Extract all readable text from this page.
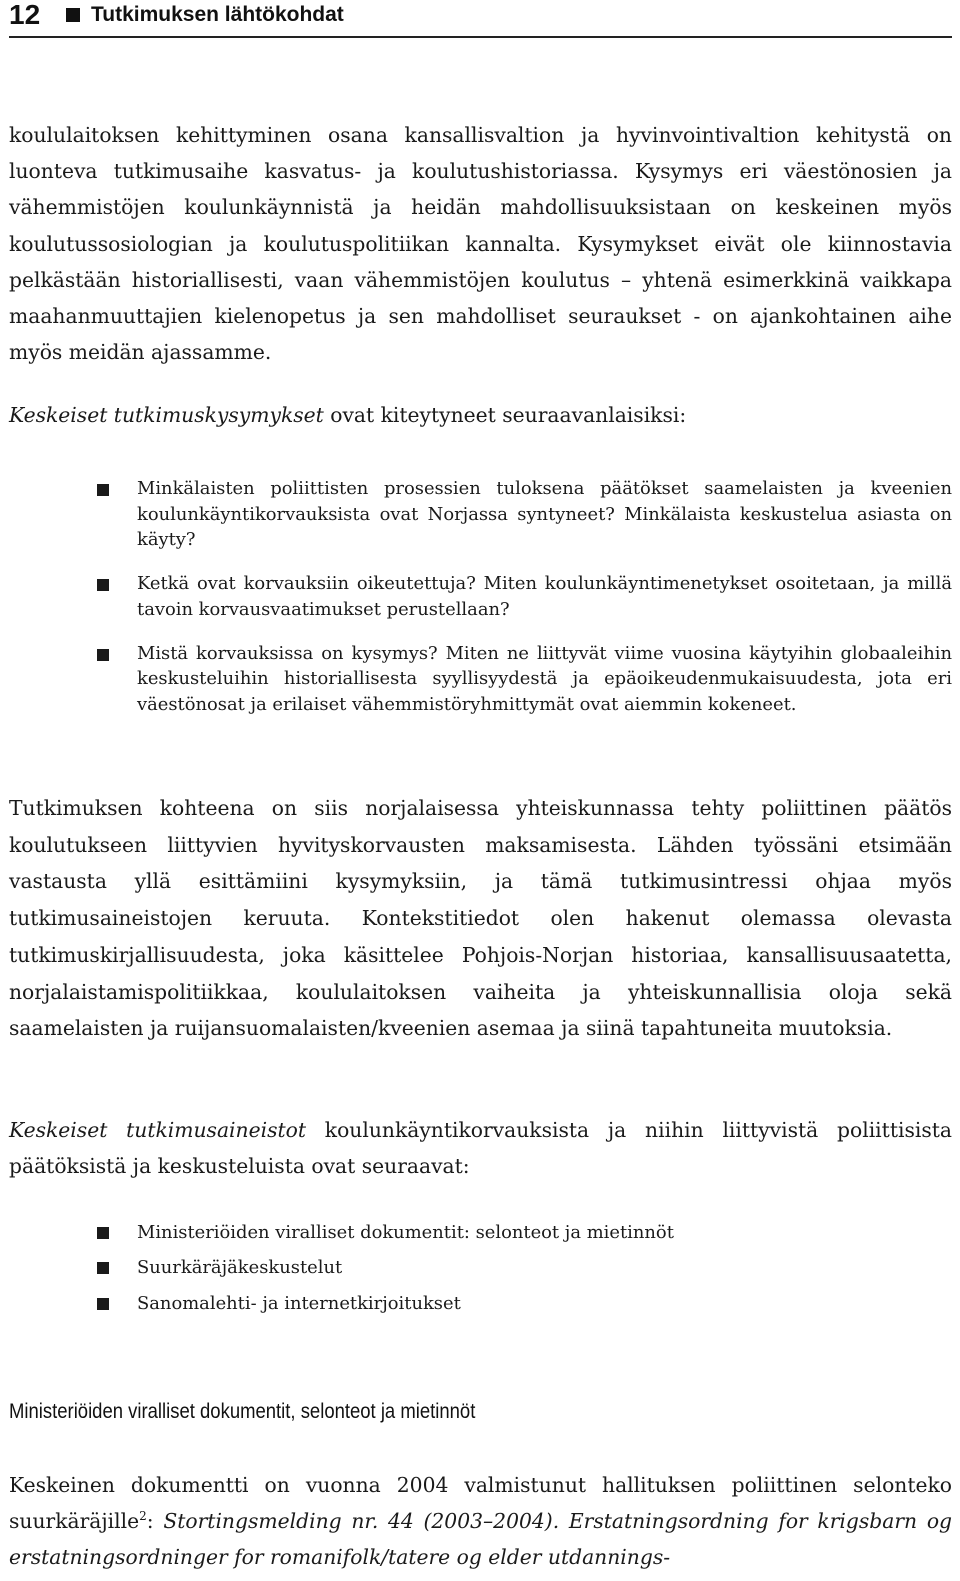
12 Tutkimuksen lähtökohdat

koululaitoksen kehittyminen osana kansallisvaltion ja hyvinvointivaltion kehitystä on luonteva tutkimusaihe kasvatus- ja koulutushistoriassa. Kysymys eri väestönosien ja vähemmistöjen koulunkäynnistä ja heidän mahdollisuuksistaan on keskeinen myös koulutussosiologian ja koulutuspolitiikan kannalta. Kysymykset eivät ole kiinnostavia pelkästään historiallisesti, vaan vähemmistöjen koulutus – yhtenä esimerkkinä vaikkapa maahanmuuttajien kielenopetus ja sen mahdolliset seuraukset - on ajankohtainen aihe myös meidän ajassamme.

Keskeiset tutkimuskysymykset ovat kiteytyneet seuraavanlaisiksi:

Minkälaisten poliittisten prosessien tuloksena päätökset saamelaisten ja kveenien koulunkäyntikorvauksista ovat Norjassa syntyneet? Minkälaista keskustelua asiasta on käyty?
Ketkä ovat korvauksiin oikeutettuja? Miten koulunkäyntimenetykset osoitetaan, ja millä tavoin korvausvaatimukset perustellaan?
Mistä korvauksissa on kysymys? Miten ne liittyvät viime vuosina käytyihin globaaleihin keskusteluihin historiallisesta syyllisyydestä ja epäoikeudenmukaisuudesta, jota eri väestönosat ja erilaiset vähemmistöryhmittymät ovat aiemmin kokeneet.

Tutkimuksen kohteena on siis norjalaisessa yhteiskunnassa tehty poliittinen päätös koulutukseen liittyvien hyvityskorvausten maksamisesta. Lähden työssäni etsimään vastausta yllä esittämiini kysymyksiin, ja tämä tutkimusintressi ohjaa myös tutkimusaineistojen keruuta. Kontekstitiedot olen hakenut olemassa olevasta tutkimuskirjallisuudesta, joka käsittelee Pohjois-Norjan historiaa, kansallisuusaatetta, norjalaistamispolitiikkaa, koululaitoksen vaiheita ja yhteiskunnallisia oloja sekä saamelaisten ja ruijansuomalaisten/kveenien asemaa ja siinä tapahtuneita muutoksia.

Keskeiset tutkimusaineistot koulunkäyntikorvauksista ja niihin liittyvistä poliittisista päätöksistä ja keskusteluista ovat seuraavat:

Ministeriöiden viralliset dokumentit: selonteot ja mietinnöt
Suurkäräjäkeskustelut
Sanomalehti- ja internetkirjoitukset
Ministeriöiden viralliset dokumentit, selonteot ja mietinnöt

Keskeinen dokumentti on vuonna 2004 valmistunut hallituksen poliittinen selonteko suurkäräjille$^2$: Stortingsmelding nr. 44 (2003–2004). Erstatningsordning for krigsbarn og erstatningsordninger for romanifolk/tatere og elder utdannings-
